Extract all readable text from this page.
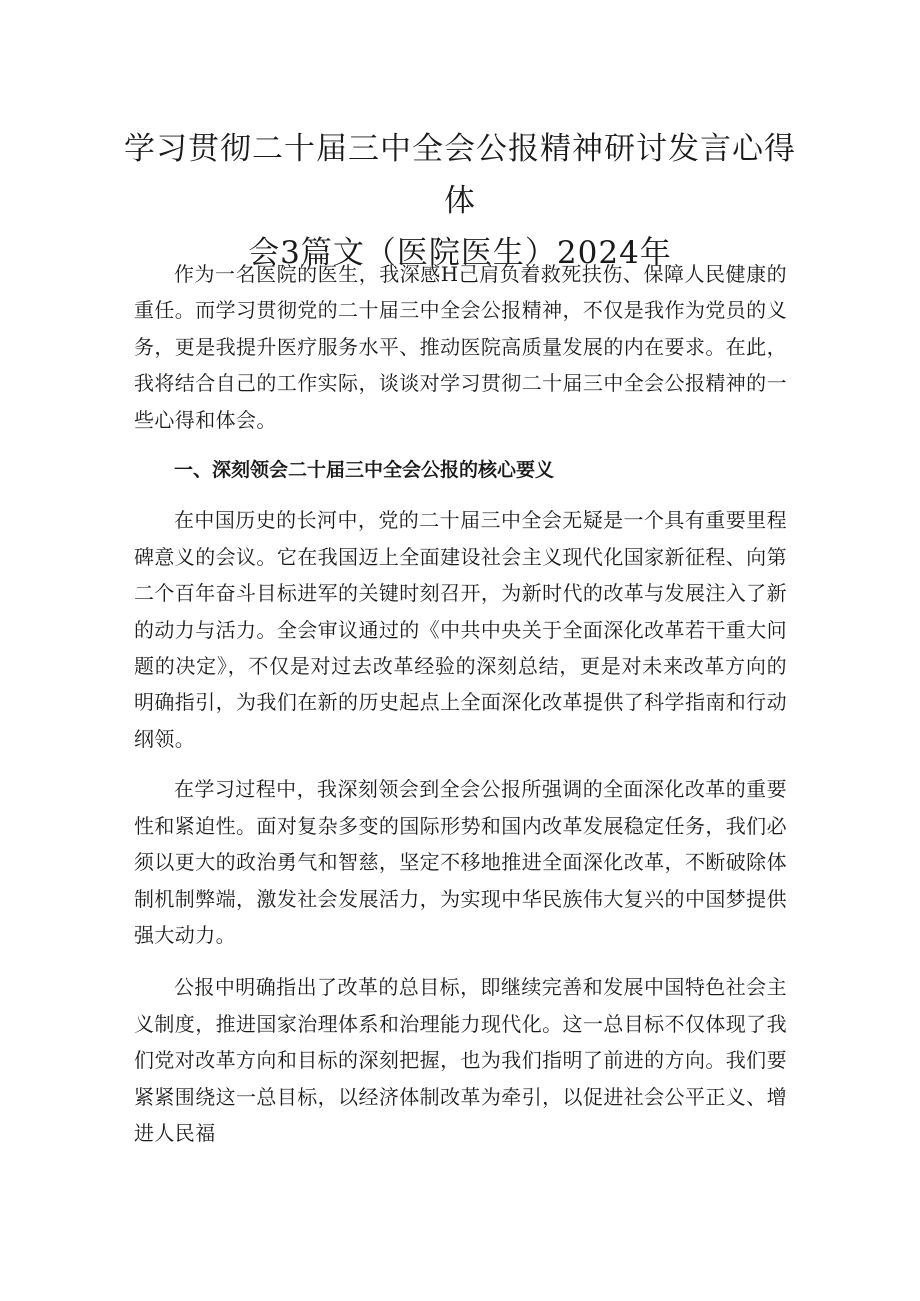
学习贯彻二十届三中全会公报精神研讨发言心得体
会3篇文（医院医生）2024年

作为一名医院的医生，我深感H己肩负着救死扶伤、保障人民健康的重任。而学习贯彻党的二十届三中全会公报精神，不仅是我作为党员的义务，更是我提升医疗服务水平、推动医院高质量发展的内在要求。在此，我将结合自己的工作实际，谈谈对学习贯彻二十届三中全会公报精神的一些心得和体会。

一、深刻领会二十届三中全会公报的核心要义

在中国历史的长河中，党的二十届三中全会无疑是一个具有重要里程碑意义的会议。它在我国迈上全面建设社会主义现代化国家新征程、向第二个百年奋斗目标进军的关键时刻召开，为新时代的改革与发展注入了新的动力与活力。全会审议通过的《中共中央关于全面深化改革若干重大问题的决定》，不仅是对过去改革经验的深刻总结，更是对未来改革方向的明确指引，为我们在新的历史起点上全面深化改革提供了科学指南和行动纲领。

在学习过程中，我深刻领会到全会公报所强调的全面深化改革的重要性和紧迫性。面对复杂多变的国际形势和国内改革发展稳定任务，我们必须以更大的政治勇气和智慈，坚定不移地推进全面深化改革，不断破除体制机制弊端，激发社会发展活力，为实现中华民族伟大复兴的中国梦提供强大动力。

公报中明确指出了改革的总目标，即继续完善和发展中国特色社会主义制度，推进国家治理体系和治理能力现代化。这一总目标不仅体现了我们党对改革方向和目标的深刻把握，也为我们指明了前进的方向。我们要紧紧围绕这一总目标，以经济体制改革为牵引，以促进社会公平正义、增进人民福
